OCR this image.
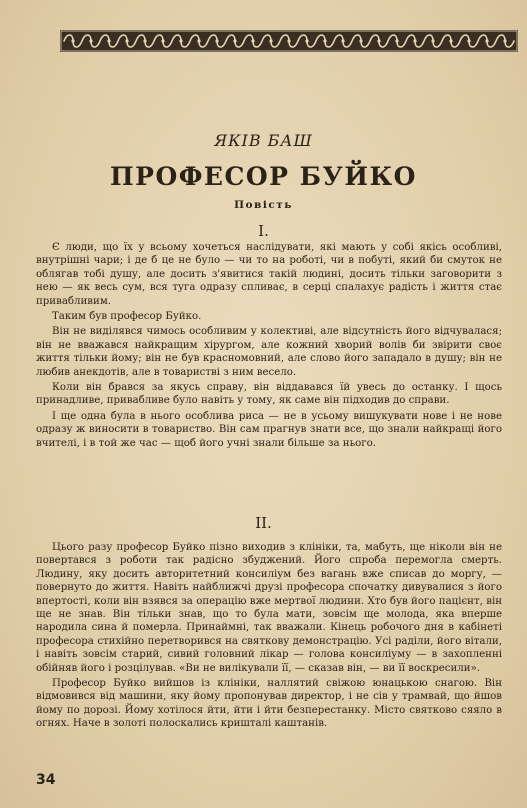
ЯКІВ БАШ
ПРОФЕСОР БУЙКО
Повість
I.

Є люди, що їх у всьому хочеться наслідувати, які мають у собі якісь особливі, внутрішні чари; і де б це не було — чи то на роботі, чи в побуті, який би смуток не облягав тобі душу, але досить з'явитися такій людині, досить тільки заговорити з нею — як весь сум, вся туга одразу спливає, в серці спалахує радість і життя стає привабливим.

Таким був професор Буйко.

Він не виділявся чимось особливим у колективі, але відсутність його відчувалася; він не вважався найкращим хірургом, але кожний хворий волів би звірити своє життя тільки йому; він не був красномовний, але слово його западало в душу; він не любив анекдотів, але в товаристві з ним весело.

Коли він брався за якусь справу, він віддавався їй увесь до останку. І щось принадливе, привабливе було навіть у тому, як саме він підходив до справи.

І ще одна була в нього особлива риса — не в усьому вишукувати нове і не нове одразу ж виносити в товариство. Він сам прагнув знати все, що знали найкращі його вчителі, і в той же час — щоб його учні знали більше за нього.

II.

Цього разу професор Буйко пізно виходив з клініки, та, мабуть, ще ніколи він не повертався з роботи так радісно збуджений. Його спроба перемогла смерть. Людину, яку досить авторитетний консиліум без вагань вже списав до моргу, — повернуто до життя. Навіть найближчі друзі професора спочатку дивувалися з його впертості, коли він взявся за операцію вже мертвої людини. Хто був його пацієнт, він ще не знав. Він тільки знав, що то була мати, зовсім ще молода, яка вперше народила сина й померла. Принаймні, так вважали. Кінець робочого дня в кабінеті професора стихійно перетворився на святкову демонстрацію. Усі раділи, його вітали, і навіть зовсім старий, сивий головний лікар — голова консиліуму — в захопленні обійняв його і розцілував. «Ви не вилікували її, — сказав він, — ви її воскресили».

Професор Буйко вийшов із клініки, наллятий свіжою юнацькою снагою. Він відмовився від машини, яку йому пропонував директор, і не сів у трамвай, що йшов йому по дорозі. Йому хотілося йти, йти і йти безперестанку. Місто святково сяяло в огнях. Наче в золоті полоскались кришталі каштанів.

34
